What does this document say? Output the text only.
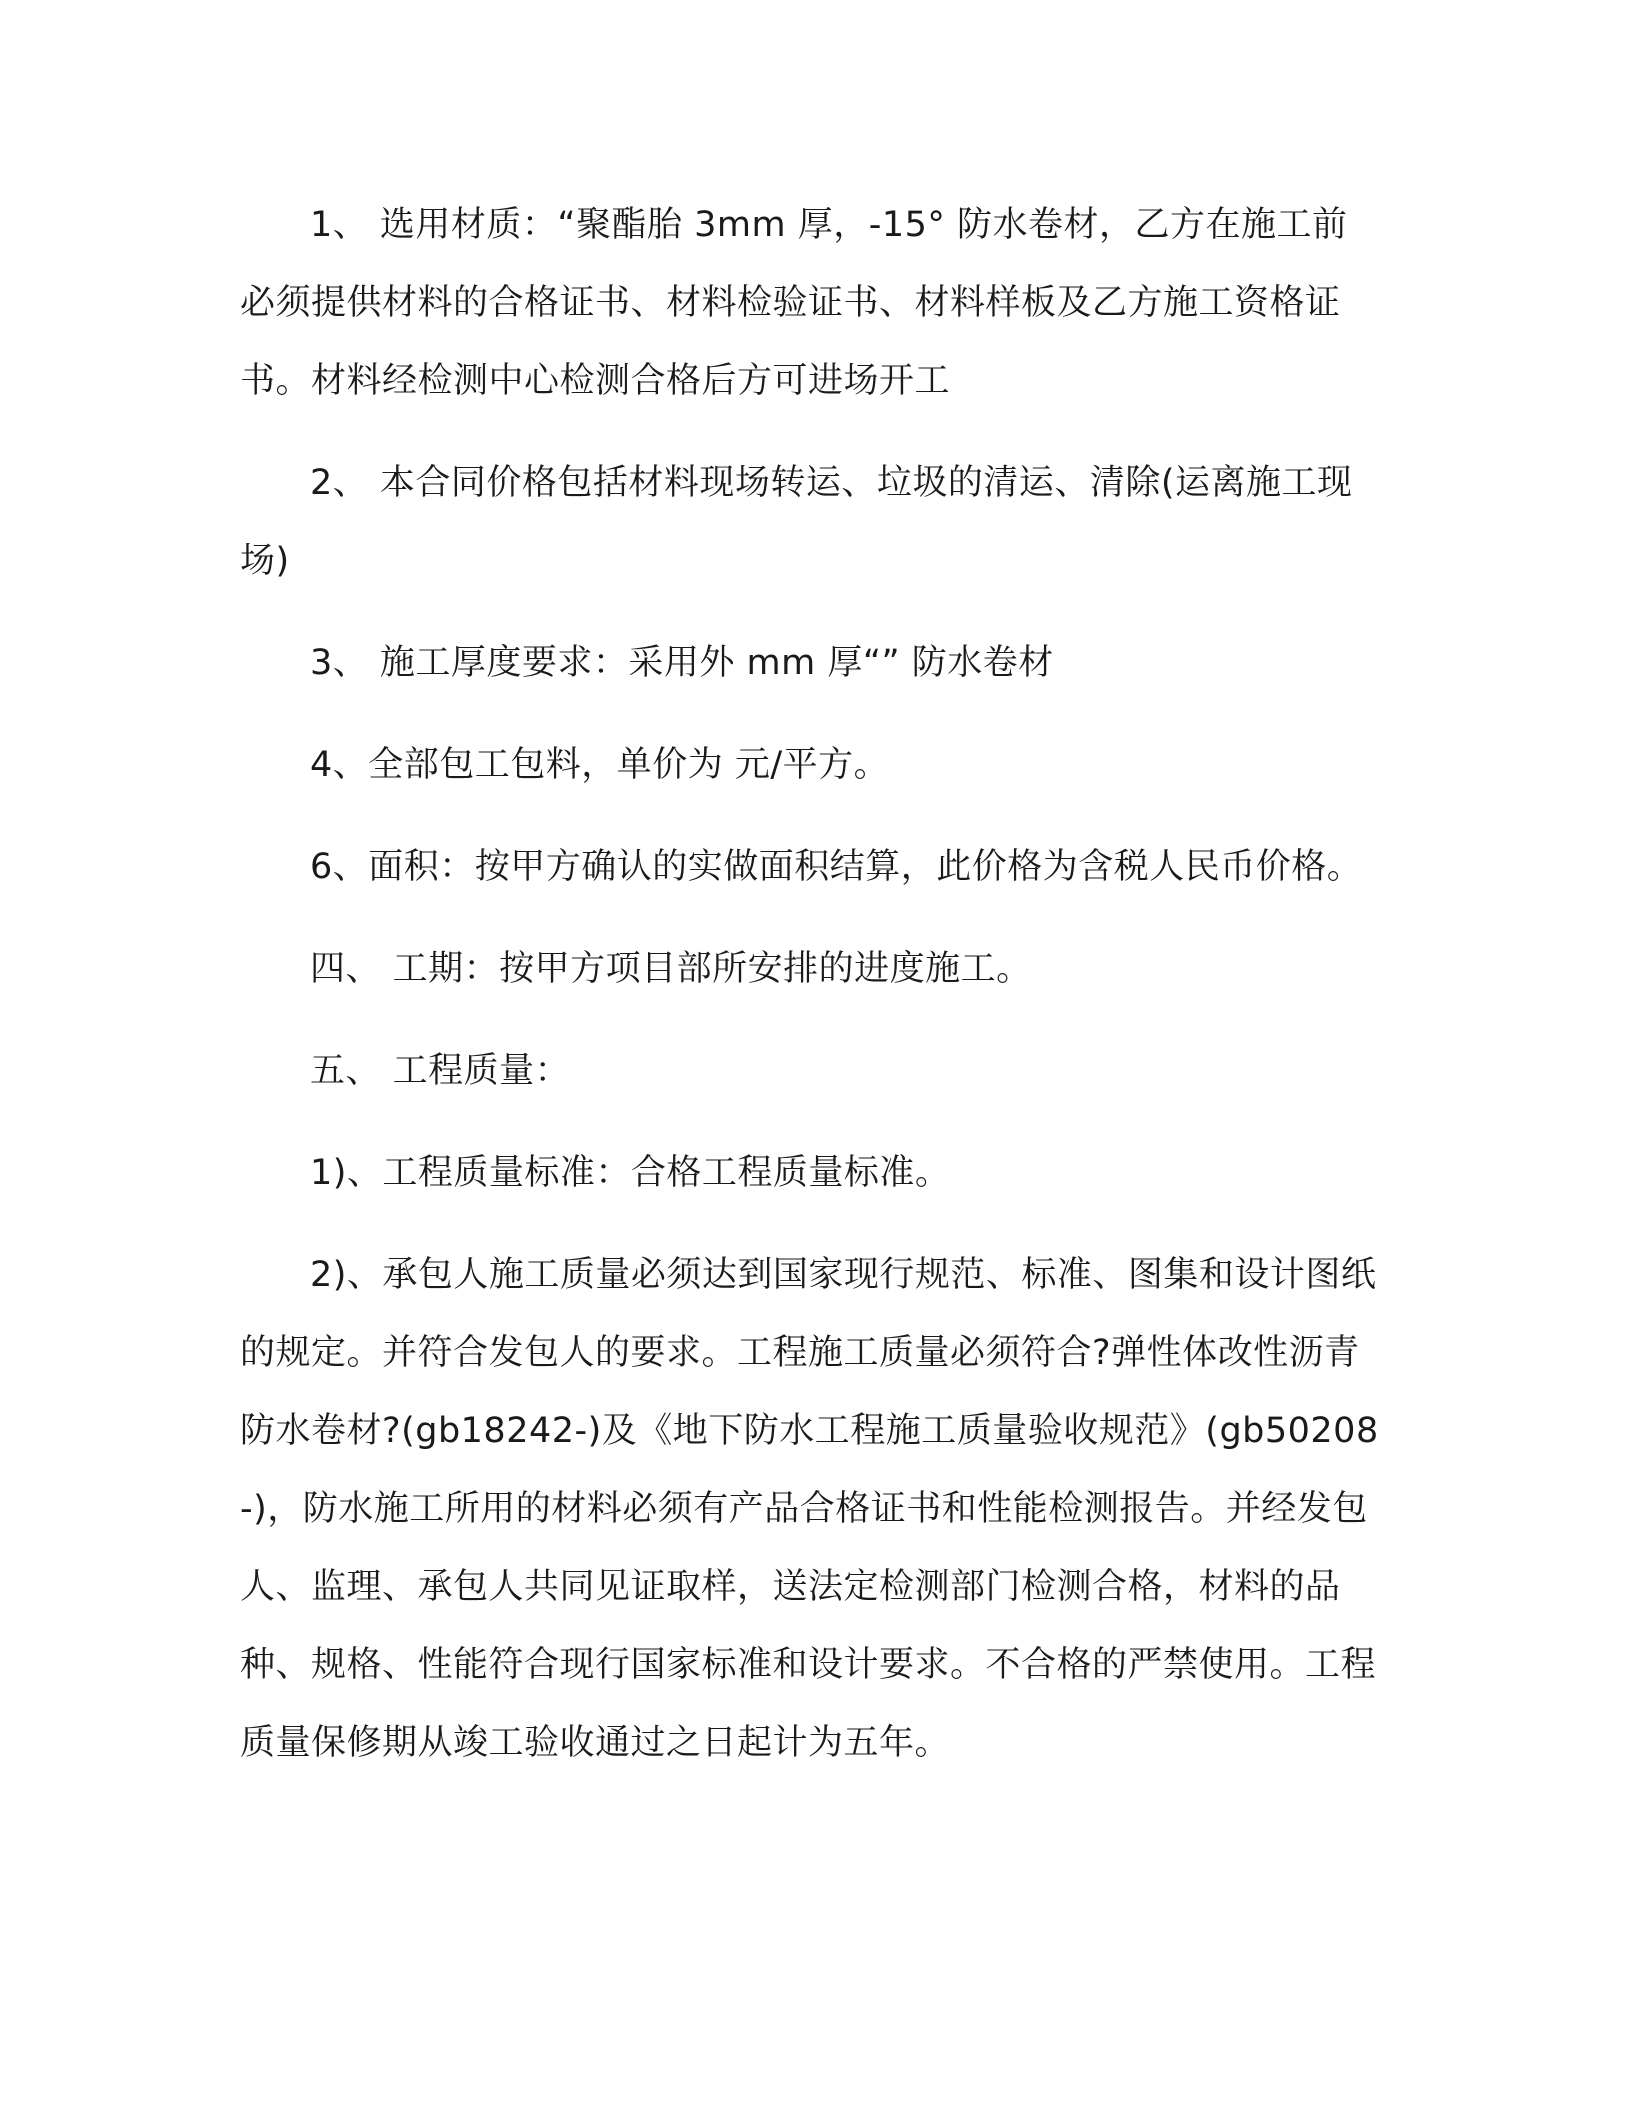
1、 选用材质：“聚酯胎 3mm 厚，-15° 防水卷材，乙方在施工前必须提供材料的合格证书、材料检验证书、材料样板及乙方施工资格证书。材料经检测中心检测合格后方可进场开工

2、 本合同价格包括材料现场转运、垃圾的清运、清除(运离施工现场)

3、 施工厚度要求：采用外 mm 厚“” 防水卷材

4、全部包工包料，单价为 元/平方。

6、面积：按甲方确认的实做面积结算，此价格为含税人民币价格。

四、 工期：按甲方项目部所安排的进度施工。

五、 工程质量：

1)、工程质量标准：合格工程质量标准。

2)、承包人施工质量必须达到国家现行规范、标准、图集和设计图纸的规定。并符合发包人的要求。工程施工质量必须符合?弹性体改性沥青防水卷材?(gb18242-)及《地下防水工程施工质量验收规范》(gb50208-)，防水施工所用的材料必须有产品合格证书和性能检测报告。并经发包人、监理、承包人共同见证取样，送法定检测部门检测合格，材料的品种、规格、性能符合现行国家标准和设计要求。不合格的严禁使用。工程质量保修期从竣工验收通过之日起计为五年。
